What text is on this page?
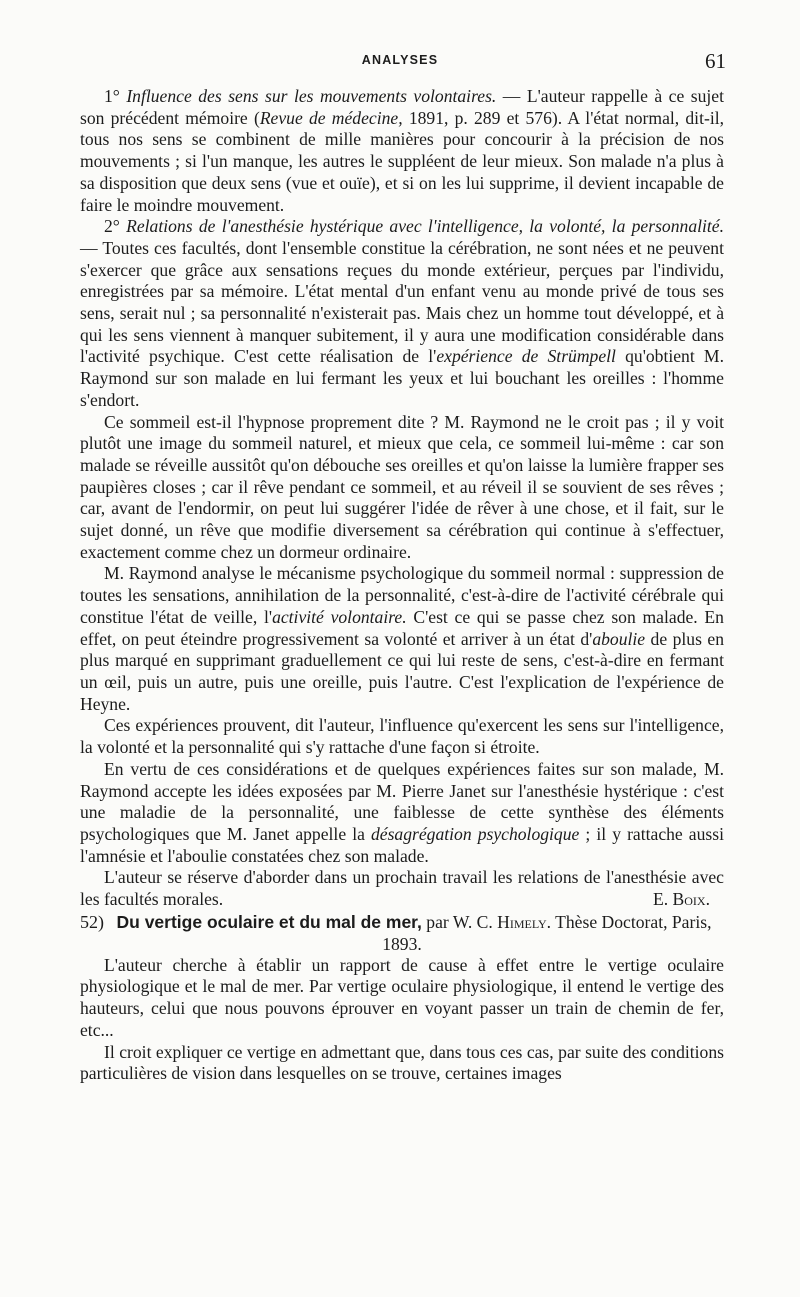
ANALYSES	61

1° Influence des sens sur les mouvements volontaires. — L'auteur rappelle à ce sujet son précédent mémoire (Revue de médecine, 1891, p. 289 et 576). A l'état normal, dit-il, tous nos sens se combinent de mille manières pour concourir à la précision de nos mouvements ; si l'un manque, les autres le suppléent de leur mieux. Son malade n'a plus à sa disposition que deux sens (vue et ouïe), et si on les lui supprime, il devient incapable de faire le moindre mouvement.

2° Relations de l'anesthésie hystérique avec l'intelligence, la volonté, la personnalité. — Toutes ces facultés, dont l'ensemble constitue la cérébration, ne sont nées et ne peuvent s'exercer que grâce aux sensations reçues du monde extérieur, perçues par l'individu, enregistrées par sa mémoire. L'état mental d'un enfant venu au monde privé de tous ses sens, serait nul ; sa personnalité n'existerait pas. Mais chez un homme tout développé, et à qui les sens viennent à manquer subitement, il y aura une modification considérable dans l'activité psychique. C'est cette réalisation de l'expérience de Strümpell qu'obtient M. Raymond sur son malade en lui fermant les yeux et lui bouchant les oreilles : l'homme s'endort.

Ce sommeil est-il l'hypnose proprement dite ? M. Raymond ne le croit pas ; il y voit plutôt une image du sommeil naturel, et mieux que cela, ce sommeil lui-même : car son malade se réveille aussitôt qu'on débouche ses oreilles et qu'on laisse la lumière frapper ses paupières closes ; car il rêve pendant ce sommeil, et au réveil il se souvient de ses rêves ; car, avant de l'endormir, on peut lui suggérer l'idée de rêver à une chose, et il fait, sur le sujet donné, un rêve que modifie diversement sa cérébration qui continue à s'effectuer, exactement comme chez un dormeur ordinaire.

M. Raymond analyse le mécanisme psychologique du sommeil normal : suppression de toutes les sensations, annihilation de la personnalité, c'est-à-dire de l'activité cérébrale qui constitue l'état de veille, l'activité volontaire. C'est ce qui se passe chez son malade. En effet, on peut éteindre progressivement sa volonté et arriver à un état d'aboulie de plus en plus marqué en supprimant graduellement ce qui lui reste de sens, c'est-à-dire en fermant un œil, puis un autre, puis une oreille, puis l'autre. C'est l'explication de l'expérience de Heyne.

Ces expériences prouvent, dit l'auteur, l'influence qu'exercent les sens sur l'intelligence, la volonté et la personnalité qui s'y rattache d'une façon si étroite.

En vertu de ces considérations et de quelques expériences faites sur son malade, M. Raymond accepte les idées exposées par M. Pierre Janet sur l'anesthésie hystérique : c'est une maladie de la personnalité, une faiblesse de cette synthèse des éléments psychologiques que M. Janet appelle la désagrégation psychologique ; il y rattache aussi l'amnésie et l'aboulie constatées chez son malade.

L'auteur se réserve d'aborder dans un prochain travail les relations de l'anesthésie avec les facultés morales.	E. Boix.

52) Du vertige oculaire et du mal de mer, par W. C. Himely. Thèse Doctorat, Paris, 1893.

L'auteur cherche à établir un rapport de cause à effet entre le vertige oculaire physiologique et le mal de mer. Par vertige oculaire physiologique, il entend le vertige des hauteurs, celui que nous pouvons éprouver en voyant passer un train de chemin de fer, etc...

Il croit expliquer ce vertige en admettant que, dans tous ces cas, par suite des conditions particulières de vision dans lesquelles on se trouve, certaines images
